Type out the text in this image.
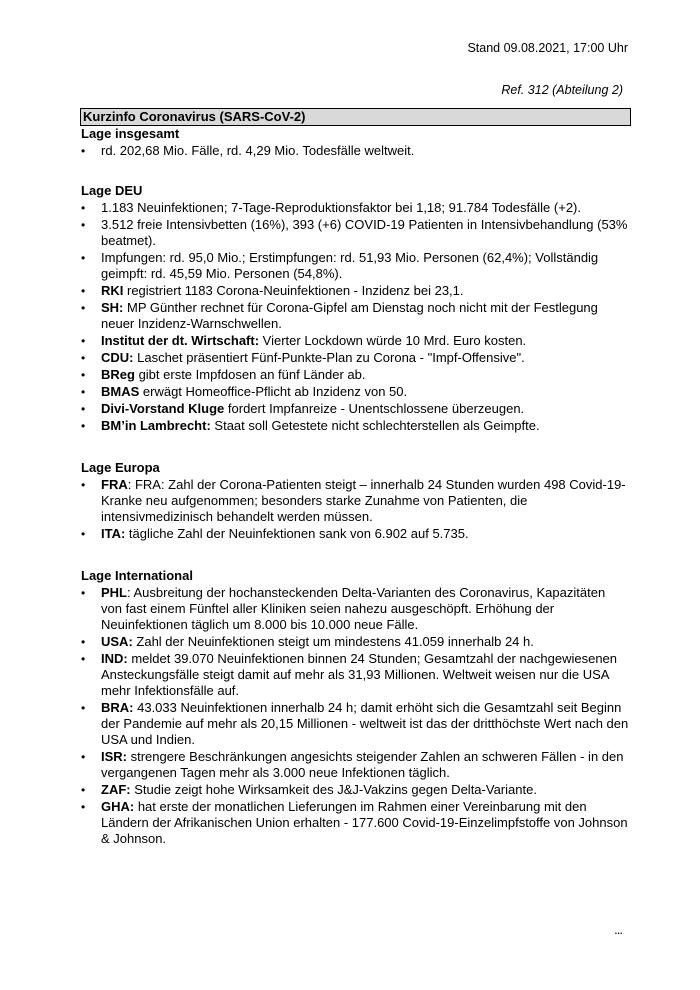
Stand 09.08.2021, 17:00 Uhr
Ref. 312 (Abteilung 2)
Kurzinfo Coronavirus (SARS-CoV-2)
Lage insgesamt
• rd. 202,68 Mio. Fälle, rd. 4,29 Mio. Todesfälle weltweit.
Lage DEU
• 1.183 Neuinfektionen; 7-Tage-Reproduktionsfaktor bei 1,18; 91.784 Todesfälle (+2).
• 3.512 freie Intensivbetten (16%), 393 (+6) COVID-19 Patienten in Intensivbehandlung (53% beatmet).
• Impfungen: rd. 95,0 Mio.; Erstimpfungen: rd. 51,93 Mio. Personen (62,4%); Vollständig geimpft: rd. 45,59 Mio. Personen (54,8%).
• RKI registriert 1183 Corona-Neuinfektionen - Inzidenz bei 23,1.
• SH: MP Günther rechnet für Corona-Gipfel am Dienstag noch nicht mit der Festlegung neuer Inzidenz-Warnschwellen.
• Institut der dt. Wirtschaft: Vierter Lockdown würde 10 Mrd. Euro kosten.
• CDU: Laschet präsentiert Fünf-Punkte-Plan zu Corona - "Impf-Offensive".
• BReg gibt erste Impfdosen an fünf Länder ab.
• BMAS erwägt Homeoffice-Pflicht ab Inzidenz von 50.
• Divi-Vorstand Kluge fordert Impfanreize - Unentschlossene überzeugen.
• BM’in Lambrecht: Staat soll Getestete nicht schlechterstellen als Geimpfte.
Lage Europa
• FRA: FRA: Zahl der Corona-Patienten steigt – innerhalb 24 Stunden wurden 498 Covid-19-Kranke neu aufgenommen; besonders starke Zunahme von Patienten, die intensivmedizinisch behandelt werden müssen.
• ITA: tägliche Zahl der Neuinfektionen sank von 6.902 auf 5.735.
Lage International
• PHL: Ausbreitung der hochansteckenden Delta-Varianten des Coronavirus, Kapazitäten von fast einem Fünftel aller Kliniken seien nahezu ausgeschöpft. Erhöhung der Neuinfektionen täglich um 8.000 bis 10.000 neue Fälle.
• USA: Zahl der Neuinfektionen steigt um mindestens 41.059 innerhalb 24 h.
• IND: meldet 39.070 Neuinfektionen binnen 24 Stunden; Gesamtzahl der nachgewiesenen Ansteckungsfälle steigt damit auf mehr als 31,93 Millionen. Weltweit weisen nur die USA mehr Infektionsfälle auf.
• BRA: 43.033 Neuinfektionen innerhalb 24 h; damit erhöht sich die Gesamtzahl seit Beginn der Pandemie auf mehr als 20,15 Millionen - weltweit ist das der dritthöchste Wert nach den USA und Indien.
• ISR: strengere Beschränkungen angesichts steigender Zahlen an schweren Fällen - in den vergangenen Tagen mehr als 3.000 neue Infektionen täglich.
• ZAF: Studie zeigt hohe Wirksamkeit des J&J-Vakzins gegen Delta-Variante.
• GHA: hat erste der monatlichen Lieferungen im Rahmen einer Vereinbarung mit den Ländern der Afrikanischen Union erhalten - 177.600 Covid-19-Einzelimpfstoffe von Johnson & Johnson.
...
